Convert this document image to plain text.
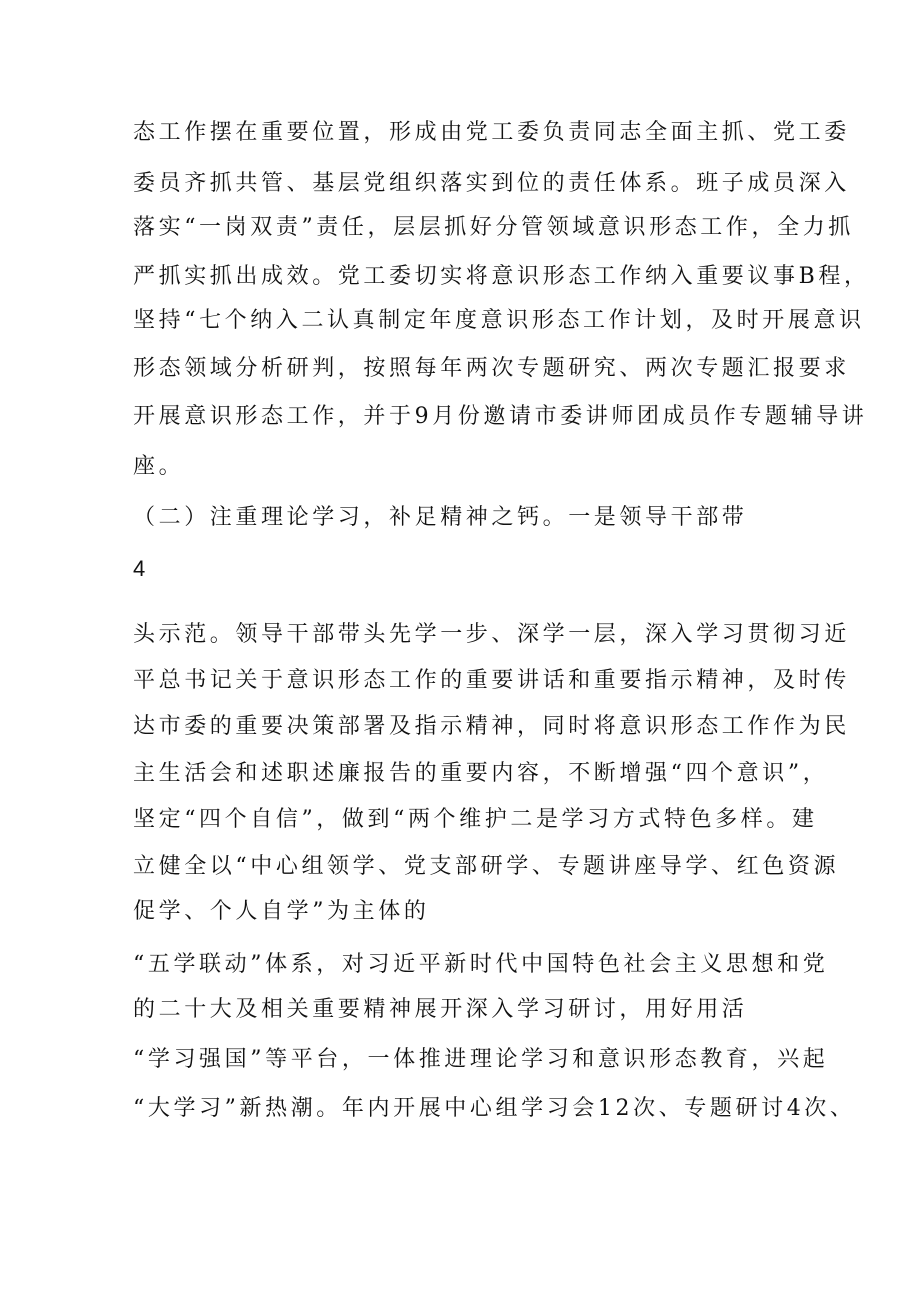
态工作摆在重要位置，形成由党工委负责同志全面主抓、党工委
委员齐抓共管、基层党组织落实到位的责任体系。班子成员深入
落实“一岗双责”责任，层层抓好分管领域意识形态工作，全力抓
严抓实抓出成效。党工委切实将意识形态工作纳入重要议事B程，
坚持“七个纳入二认真制定年度意识形态工作计划，及时开展意识
形态领域分析研判，按照每年两次专题研究、两次专题汇报要求
开展意识形态工作，并于9月份邀请市委讲师团成员作专题辅导讲
座。
（二）注重理论学习，补足精神之钙。一是领导干部带
4
头示范。领导干部带头先学一步、深学一层，深入学习贯彻习近
平总书记关于意识形态工作的重要讲话和重要指示精神，及时传
达市委的重要决策部署及指示精神，同时将意识形态工作作为民
主生活会和述职述廉报告的重要内容，不断增强“四个意识”，
坚定“四个自信”，做到“两个维护二是学习方式特色多样。建
立健全以“中心组领学、党支部研学、专题讲座导学、红色资源
促学、个人自学”为主体的
“五学联动”体系，对习近平新时代中国特色社会主义思想和党
的二十大及相关重要精神展开深入学习研讨，用好用活
“学习强国”等平台，一体推进理论学习和意识形态教育，兴起
“大学习”新热潮。年内开展中心组学习会12次、专题研讨4次、
